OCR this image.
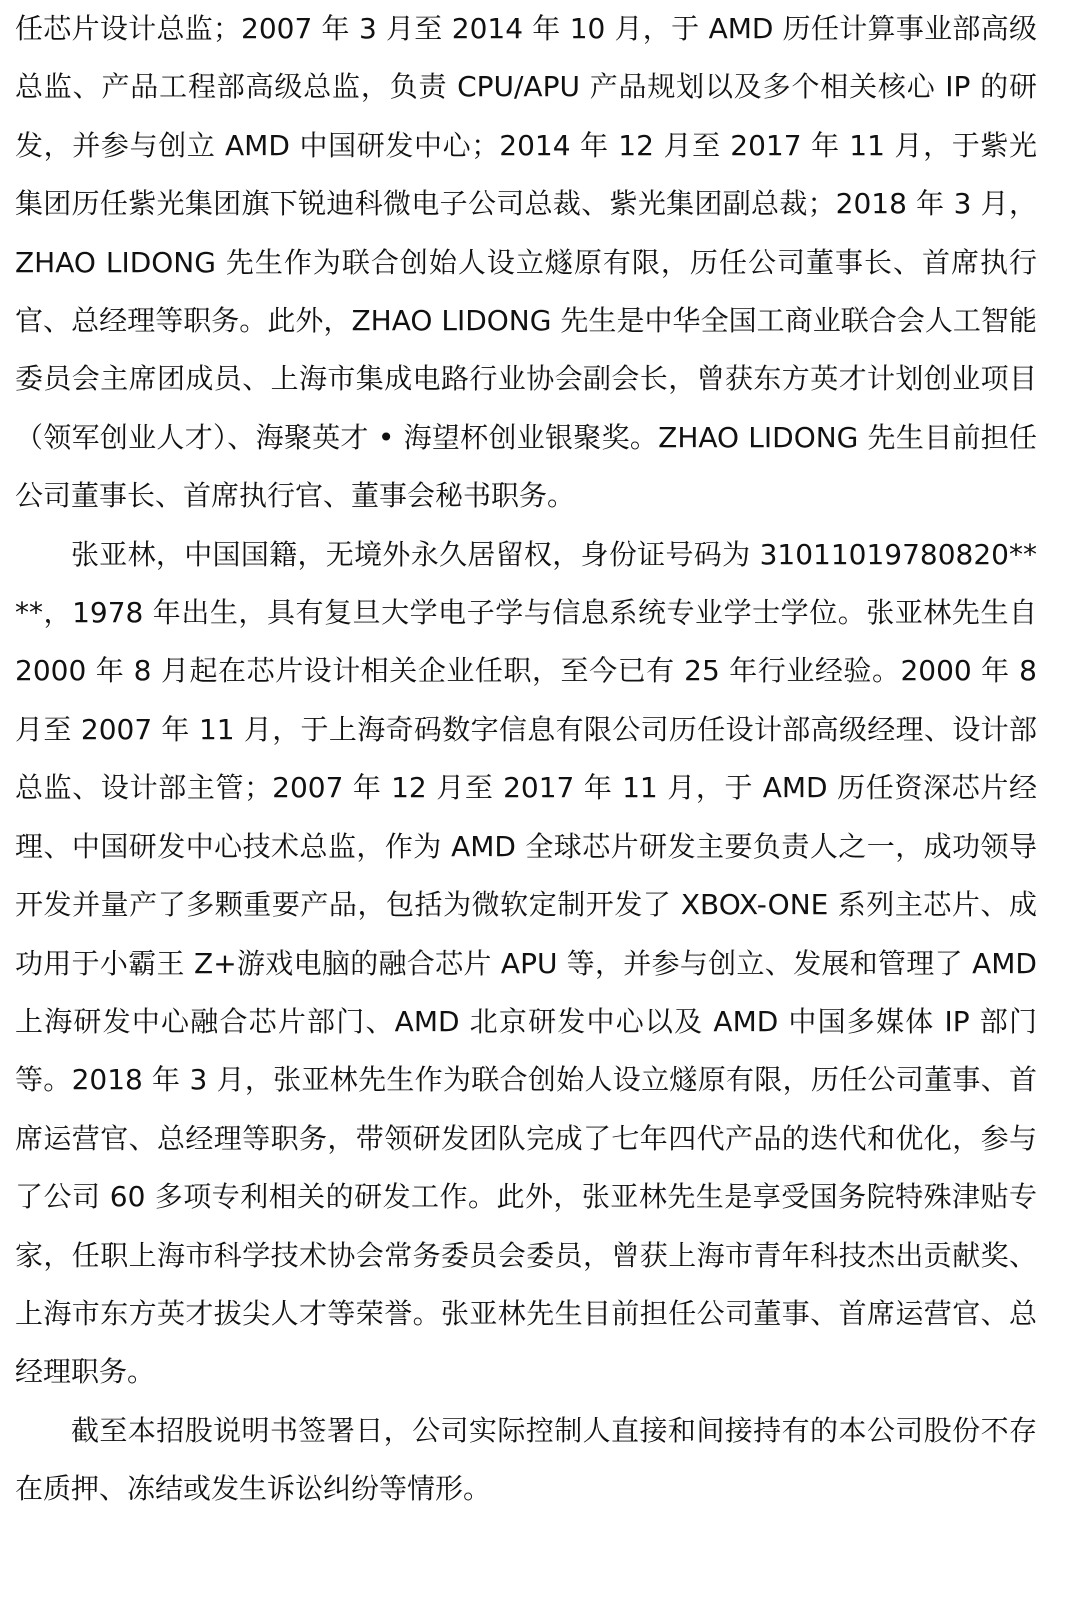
任芯片设计总监；2007 年 3 月至 2014 年 10 月，于 AMD 历任计算事业部高级总监、产品工程部高级总监，负责 CPU/APU 产品规划以及多个相关核心 IP 的研发，并参与创立 AMD 中国研发中心；2014 年 12 月至 2017 年 11 月，于紫光集团历任紫光集团旗下锐迪科微电子公司总裁、紫光集团副总裁；2018 年 3 月，ZHAO LIDONG 先生作为联合创始人设立燧原有限，历任公司董事长、首席执行官、总经理等职务。此外，ZHAO LIDONG 先生是中华全国工商业联合会人工智能委员会主席团成员、上海市集成电路行业协会副会长，曾获东方英才计划创业项目（领军创业人才）、海聚英才 • 海望杯创业银聚奖。ZHAO LIDONG 先生目前担任公司董事长、首席执行官、董事会秘书职务。

张亚林，中国国籍，无境外永久居留权，身份证号码为 31011019780820****，1978 年出生，具有复旦大学电子学与信息系统专业学士学位。张亚林先生自 2000 年 8 月起在芯片设计相关企业任职，至今已有 25 年行业经验。2000 年 8 月至 2007 年 11 月，于上海奇码数字信息有限公司历任设计部高级经理、设计部总监、设计部主管；2007 年 12 月至 2017 年 11 月，于 AMD 历任资深芯片经理、中国研发中心技术总监，作为 AMD 全球芯片研发主要负责人之一，成功领导开发并量产了多颗重要产品，包括为微软定制开发了 XBOX-ONE 系列主芯片、成功用于小霸王 Z+游戏电脑的融合芯片 APU 等，并参与创立、发展和管理了 AMD 上海研发中心融合芯片部门、AMD 北京研发中心以及 AMD 中国多媒体 IP 部门等。2018 年 3 月，张亚林先生作为联合创始人设立燧原有限，历任公司董事、首席运营官、总经理等职务，带领研发团队完成了七年四代产品的迭代和优化，参与了公司 60 多项专利相关的研发工作。此外，张亚林先生是享受国务院特殊津贴专家，任职上海市科学技术协会常务委员会委员，曾获上海市青年科技杰出贡献奖、上海市东方英才拔尖人才等荣誉。张亚林先生目前担任公司董事、首席运营官、总经理职务。

截至本招股说明书签署日，公司实际控制人直接和间接持有的本公司股份不存在质押、冻结或发生诉讼纠纷等情形。
